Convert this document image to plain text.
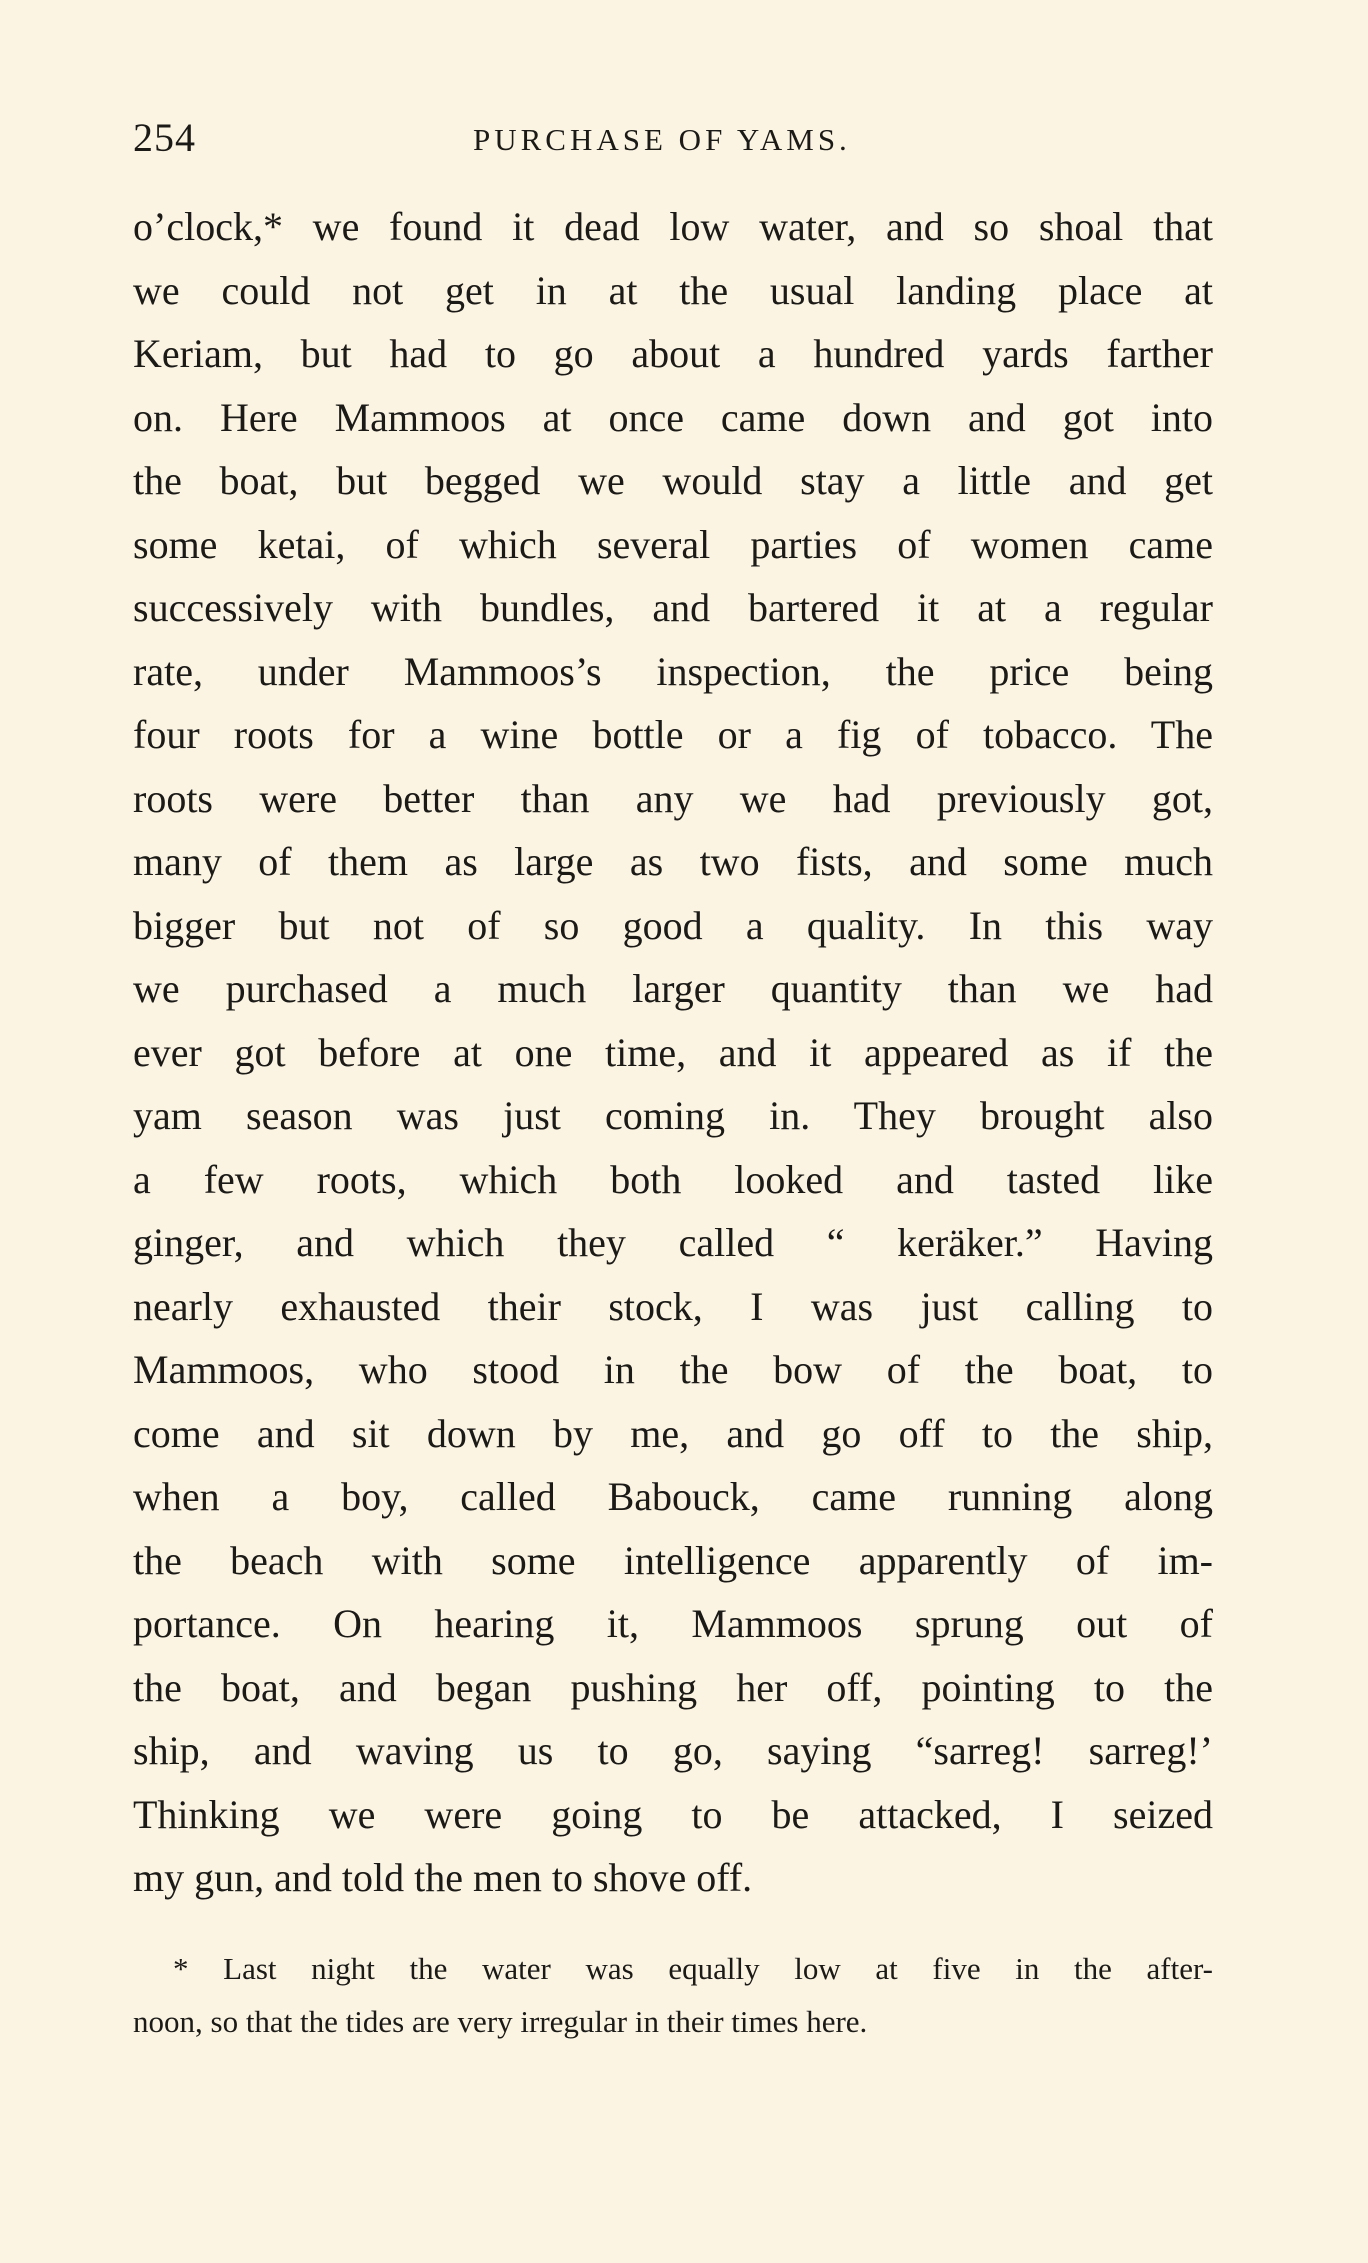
254	PURCHASE OF YAMS.
o’clock,* we found it dead low water, and so shoal that
we could not get in at the usual landing place at
Keriam, but had to go about a hundred yards farther
on. Here Mammoos at once came down and got into
the boat, but begged we would stay a little and get
some ketai, of which several parties of women came
successively with bundles, and bartered it at a regular
rate, under Mammoos’s inspection, the price being
four roots for a wine bottle or a fig of tobacco. The
roots were better than any we had previously got,
many of them as large as two fists, and some much
bigger but not of so good a quality. In this way
we purchased a much larger quantity than we had
ever got before at one time, and it appeared as if the
yam season was just coming in. They brought also
a few roots, which both looked and tasted like
ginger, and which they called “ keräker.” Having
nearly exhausted their stock, I was just calling to
Mammoos, who stood in the bow of the boat, to
come and sit down by me, and go off to the ship,
when a boy, called Babouck, came running along
the beach with some intelligence apparently of im-
portance. On hearing it, Mammoos sprung out of
the boat, and began pushing her off, pointing to the
ship, and waving us to go, saying “sarreg! sarreg!’
Thinking we were going to be attacked, I seized
my gun, and told the men to shove off.
* Last night the water was equally low at five in the after-
noon, so that the tides are very irregular in their times here.
